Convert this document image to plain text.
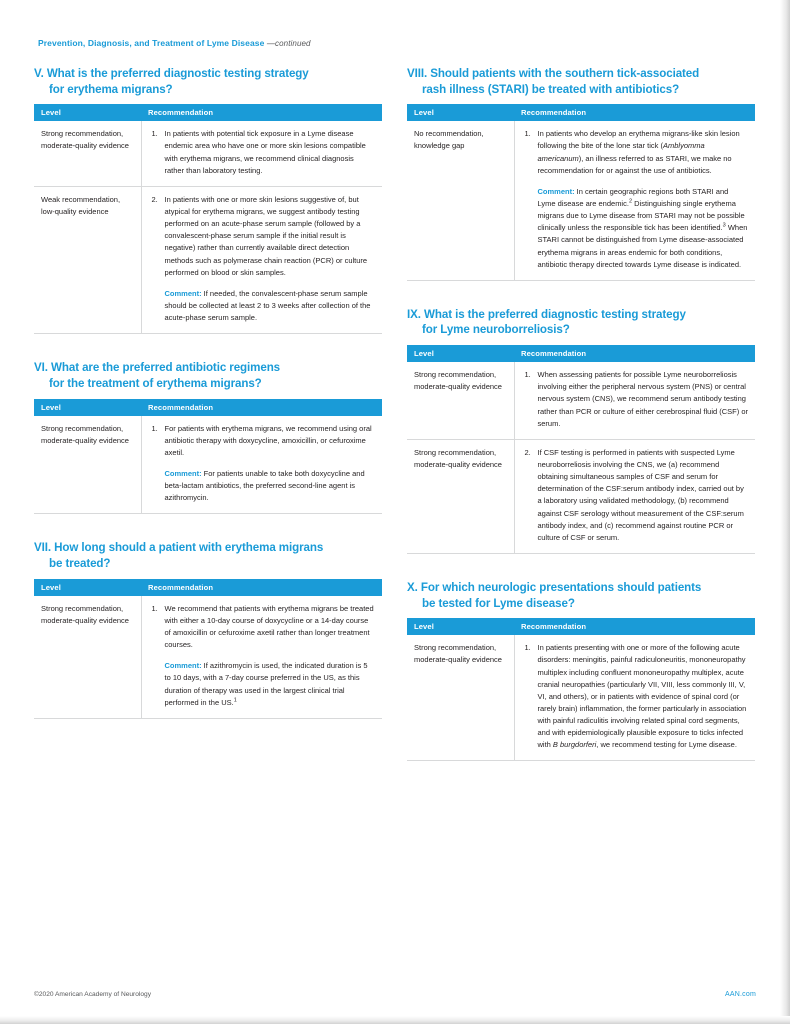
Prevention, Diagnosis, and Treatment of Lyme Disease —continued
V. What is the preferred diagnostic testing strategy
for erythema migrans?
Level	Recommendation
Strong recommendation, moderate-quality evidence	
1. In patients with potential tick exposure in a Lyme disease endemic area who have one or more skin lesions compatible with erythema migrans, we recommend clinical diagnosis rather than laboratory testing.

Weak recommendation, low-quality evidence	
2. In patients with one or more skin lesions suggestive of, but atypical for erythema migrans, we suggest antibody testing performed on an acute-phase serum sample (followed by a convalescent-phase serum sample if the initial result is negative) rather than currently available direct detection methods such as polymerase chain reaction (PCR) or culture performed on blood or skin samples.
Comment: If needed, the convalescent-phase serum sample should be collected at least 2 to 3 weeks after collection of the acute-phase serum sample.
VI. What are the preferred antibiotic regimens
for the treatment of erythema migrans?
Level	Recommendation
Strong recommendation, moderate-quality evidence	
1. For patients with erythema migrans, we recommend using oral antibiotic therapy with doxycycline, amoxicillin, or cefuroxime axetil.
Comment: For patients unable to take both doxycycline and beta-lactam antibiotics, the preferred second-line agent is azithromycin.
VII. How long should a patient with erythema migrans
be treated?
Level	Recommendation
Strong recommendation, moderate-quality evidence	
1. We recommend that patients with erythema migrans be treated with either a 10-day course of doxycycline or a 14-day course of amoxicillin or cefuroxime axetil rather than longer treatment courses.
Comment: If azithromycin is used, the indicated duration is 5 to 10 days, with a 7-day course preferred in the US, as this duration of therapy was used in the largest clinical trial performed in the US.$^1$
VIII. Should patients with the southern tick-associated
rash illness (STARI) be treated with antibiotics?
Level	Recommendation
No recommendation, knowledge gap	
1. In patients who develop an erythema migrans-like skin lesion following the bite of the lone star tick (Amblyomma americanum), an illness referred to as STARI, we make no recommendation for or against the use of antibiotics.
Comment: In certain geographic regions both STARI and Lyme disease are endemic.$^2$ Distinguishing single erythema migrans due to Lyme disease from STARI may not be possible clinically unless the responsible tick has been identified.$^3$ When STARI cannot be distinguished from Lyme disease-associated erythema migrans in areas endemic for both conditions, antibiotic therapy directed towards Lyme disease is indicated.
IX. What is the preferred diagnostic testing strategy
for Lyme neuroborreliosis?
Level	Recommendation
Strong recommendation, moderate-quality evidence	
1. When assessing patients for possible Lyme neuroborreliosis involving either the peripheral nervous system (PNS) or central nervous system (CNS), we recommend serum antibody testing rather than PCR or culture of either cerebrospinal fluid (CSF) or serum.

Strong recommendation, moderate-quality evidence	
2. If CSF testing is performed in patients with suspected Lyme neuroborreliosis involving the CNS, we (a) recommend obtaining simultaneous samples of CSF and serum for determination of the CSF:serum antibody index, carried out by a laboratory using validated methodology, (b) recommend against CSF serology without measurement of the CSF:serum antibody index, and (c) recommend against routine PCR or culture of CSF or serum.
X. For which neurologic presentations should patients
be tested for Lyme disease?
Level	Recommendation
Strong recommendation, moderate-quality evidence	
1. In patients presenting with one or more of the following acute disorders: meningitis, painful radiculoneuritis, mononeuropathy multiplex including confluent mononeuropathy multiplex, acute cranial neuropathies (particularly VII, VIII, less commonly III, V, VI, and others), or in patients with evidence of spinal cord (or rarely brain) inflammation, the former particularly in association with painful radiculitis involving related spinal cord segments, and with epidemiologically plausible exposure to ticks infected with B burgdorferi, we recommend testing for Lyme disease.
©2020 American Academy of Neurology	AAN.com
